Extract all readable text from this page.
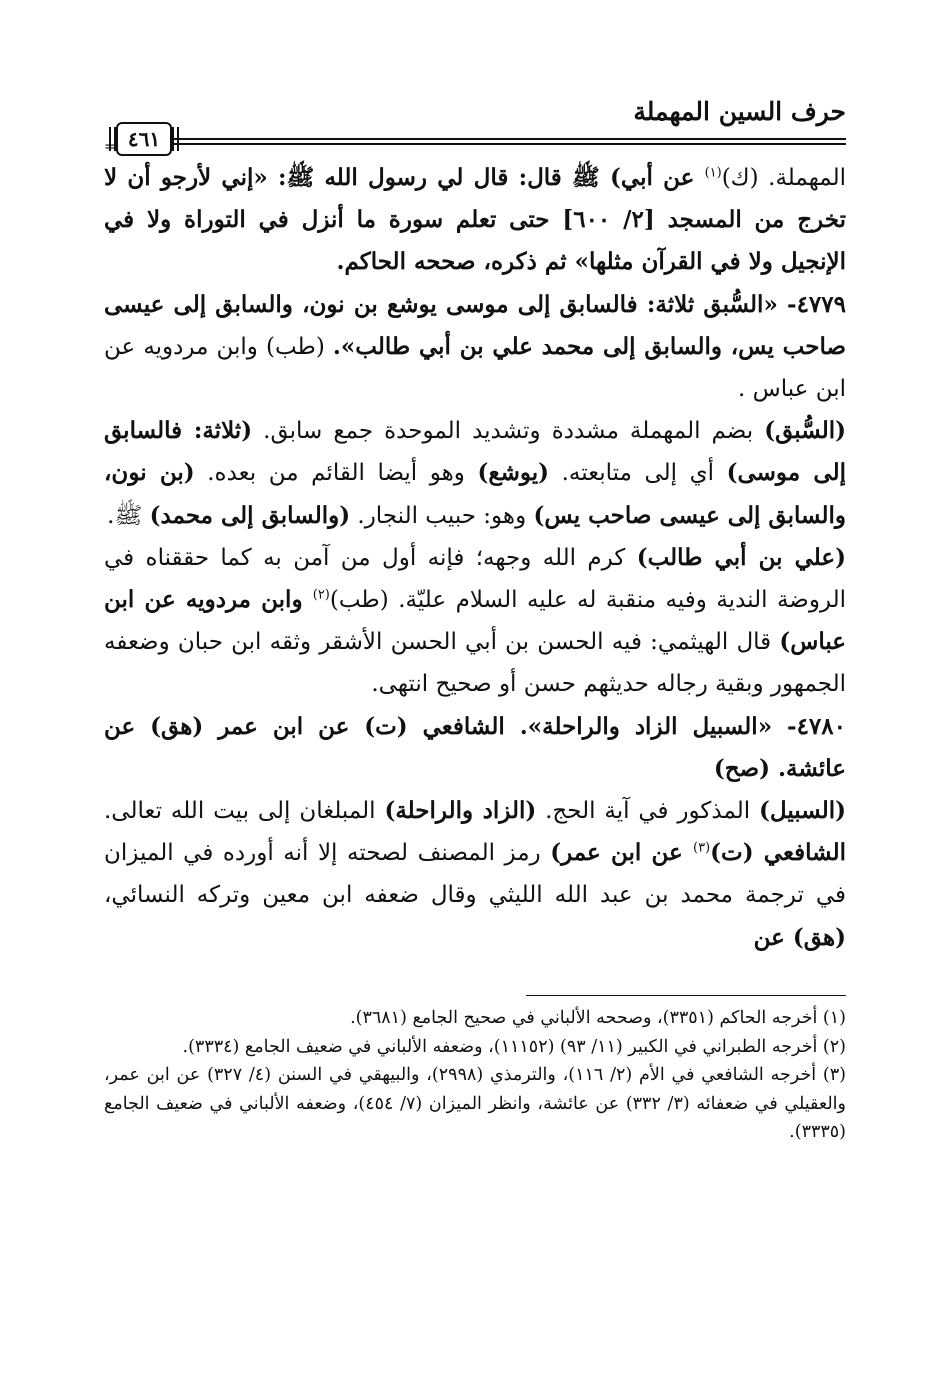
حرف السين المهملة
٤٦١
=

المهملة. (ك)$^{(١)}$ عن أبي) ﷺ قال: قال لي رسول الله ﷺ: «إني لأرجو أن لا تخرج من المسجد [٢/ ٦٠٠] حتى تعلم سورة ما أنزل في التوراة ولا في الإنجيل ولا في القرآن مثلها» ثم ذكره، صححه الحاكم.

٤٧٧٩- «السُّبق ثلاثة: فالسابق إلى موسى يوشع بن نون، والسابق إلى عيسى صاحب يس، والسابق إلى محمد علي بن أبي طالب». (طب) وابن مردويه عن ابن عباس .

(السُّبق) بضم المهملة مشددة وتشديد الموحدة جمع سابق. (ثلاثة: فالسابق إلى موسى) أي إلى متابعته. (يوشع) وهو أيضا القائم من بعده. (بن نون، والسابق إلى عيسى صاحب يس) وهو: حبيب النجار. (والسابق إلى محمد) ﷺ.

(علي بن أبي طالب) كرم الله وجهه؛ فإنه أول من آمن به كما حققناه في الروضة الندية وفيه منقبة له عليه السلام عليّة. (طب)$^{(٢)}$ وابن مردويه عن ابن عباس) قال الهيثمي: فيه الحسن بن أبي الحسن الأشقر وثقه ابن حبان وضعفه الجمهور وبقية رجاله حديثهم حسن أو صحيح انتهى.

٤٧٨٠- «السبيل الزاد والراحلة». الشافعي (ت) عن ابن عمر (هق) عن عائشة. (صح)

(السبيل) المذكور في آية الحج. (الزاد والراحلة) المبلغان إلى بيت الله تعالى. الشافعي (ت)$^{(٣)}$ عن ابن عمر) رمز المصنف لصحته إلا أنه أورده في الميزان في ترجمة محمد بن عبد الله الليثي وقال ضعفه ابن معين وتركه النسائي، (هق) عن

(١) أخرجه الحاكم (٣٣٥١)، وصححه الألباني في صحيح الجامع (٣٦٨١).

(٢) أخرجه الطبراني في الكبير (١١/ ٩٣) (١١١٥٢)، وضعفه الألباني في ضعيف الجامع (٣٣٣٤).

(٣) أخرجه الشافعي في الأم (٢/ ١١٦)، والترمذي (٢٩٩٨)، والبيهقي في السنن (٤/ ٣٢٧) عن ابن عمر، والعقيلي في ضعفائه (٣/ ٣٣٢) عن عائشة، وانظر الميزان (٧/ ٤٥٤)، وضعفه الألباني في ضعيف الجامع (٣٣٣٥).
